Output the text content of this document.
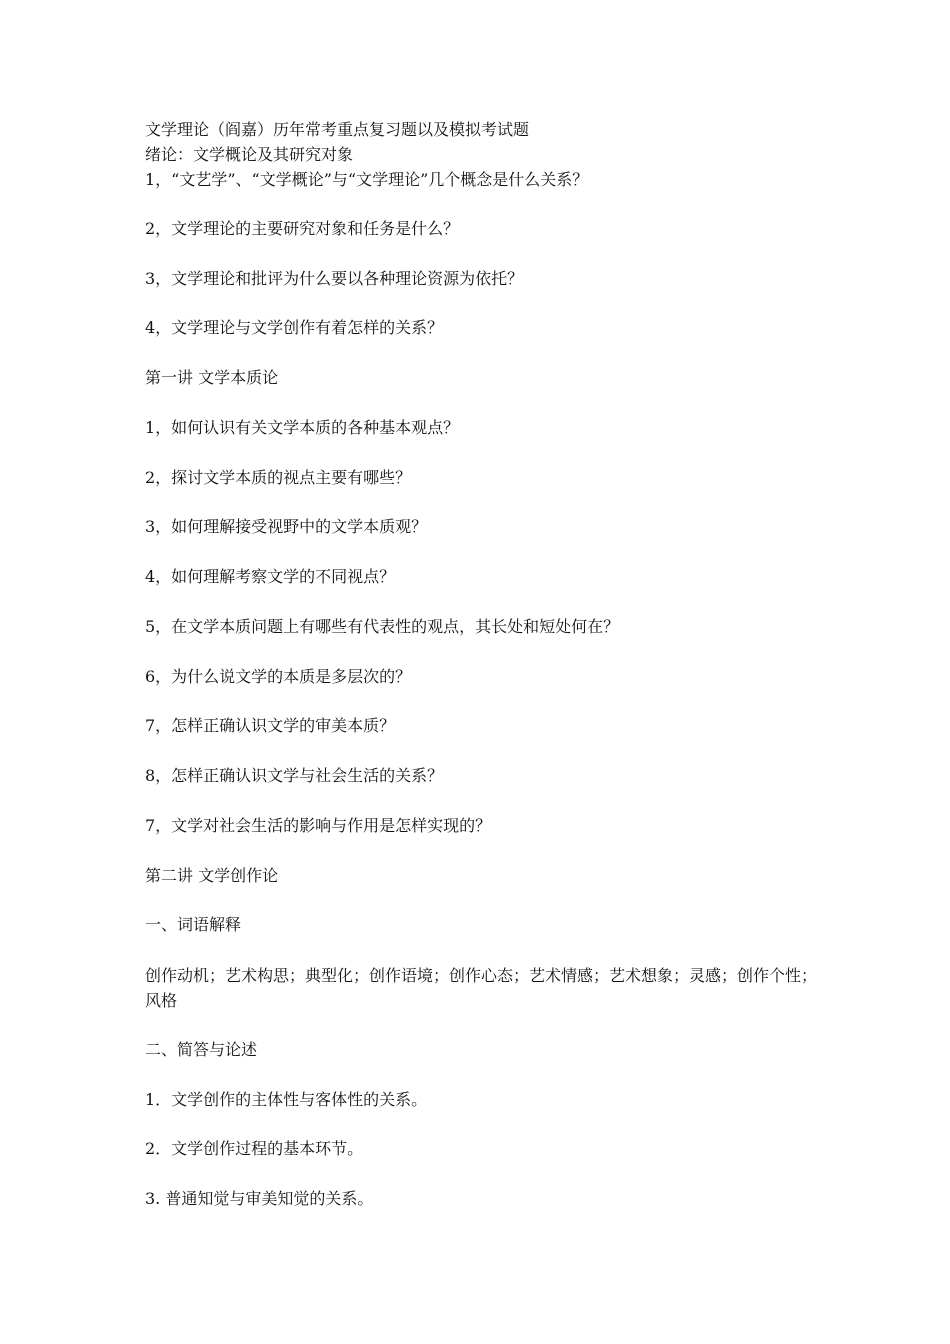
文学理论（阎嘉）历年常考重点复习题以及模拟考试题
绪论：文学概论及其研究对象
1，“文艺学”、“文学概论”与“文学理论”几个概念是什么关系？
2，文学理论的主要研究对象和任务是什么？
3，文学理论和批评为什么要以各种理论资源为依托？
4，文学理论与文学创作有着怎样的关系？
第一讲 文学本质论
1，如何认识有关文学本质的各种基本观点？
2，探讨文学本质的视点主要有哪些？
3，如何理解接受视野中的文学本质观？
4，如何理解考察文学的不同视点？
5，在文学本质问题上有哪些有代表性的观点，其长处和短处何在？
6，为什么说文学的本质是多层次的？
7，怎样正确认识文学的审美本质？
8，怎样正确认识文学与社会生活的关系？
7，文学对社会生活的影响与作用是怎样实现的？
第二讲 文学创作论
一、词语解释
创作动机；艺术构思；典型化；创作语境；创作心态；艺术情感；艺术想象；灵感；创作个性；风格
二、简答与论述
1．文学创作的主体性与客体性的关系。
2．文学创作过程的基本环节。
3. 普通知觉与审美知觉的关系。
